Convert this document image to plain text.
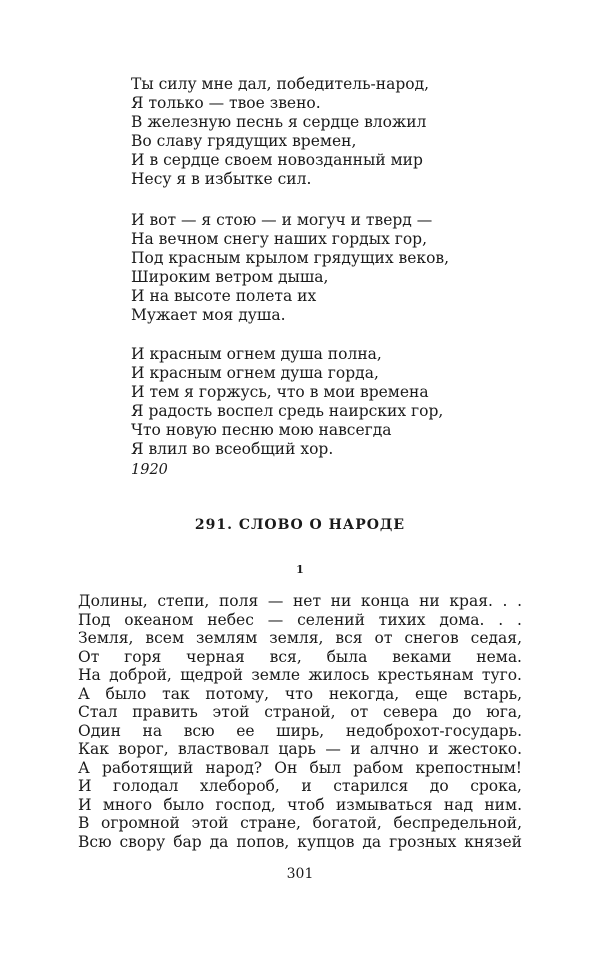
Ты силу мне дал, победитель-народ,
Я только — твое звено.
В железную песнь я сердце вложил
Во славу грядущих времен,
И в сердце своем новозданный мир
Несу я в избытке сил.
И вот — я стою — и могуч и тверд —
На вечном снегу наших гордых гор,
Под красным крылом грядущих веков,
Широким ветром дыша,
И на высоте полета их
Мужает моя душа.
И красным огнем душа полна,
И красным огнем душа горда,
И тем я горжусь, что в мои времена
Я радость воспел средь наирских гор,
Что новую песню мою навсегда
Я влил во всеобщий хор.
1920
291. СЛОВО О НАРОДЕ
1
Долины, степи, поля — нет ни конца ни края. . .
Под океаном небес — селений тихих дома. . .
Земля, всем землям земля, вся от снегов седая,
От горя черная вся, была веками нема.
На доброй, щедрой земле жилось крестьянам туго.
А было так потому, что некогда, еще встарь,
Стал править этой страной, от севера до юга,
Один на всю ее ширь, недоброхот-государь.
Как ворог, властвовал царь — и алчно и жестоко.
А работящий народ? Он был рабом крепостным!
И голодал хлебороб, и старился до срока,
И много было господ, чтоб измываться над ним.
В огромной этой стране, богатой, беспредельной,
Всю свору бар да попов, купцов да грозных князей
301
